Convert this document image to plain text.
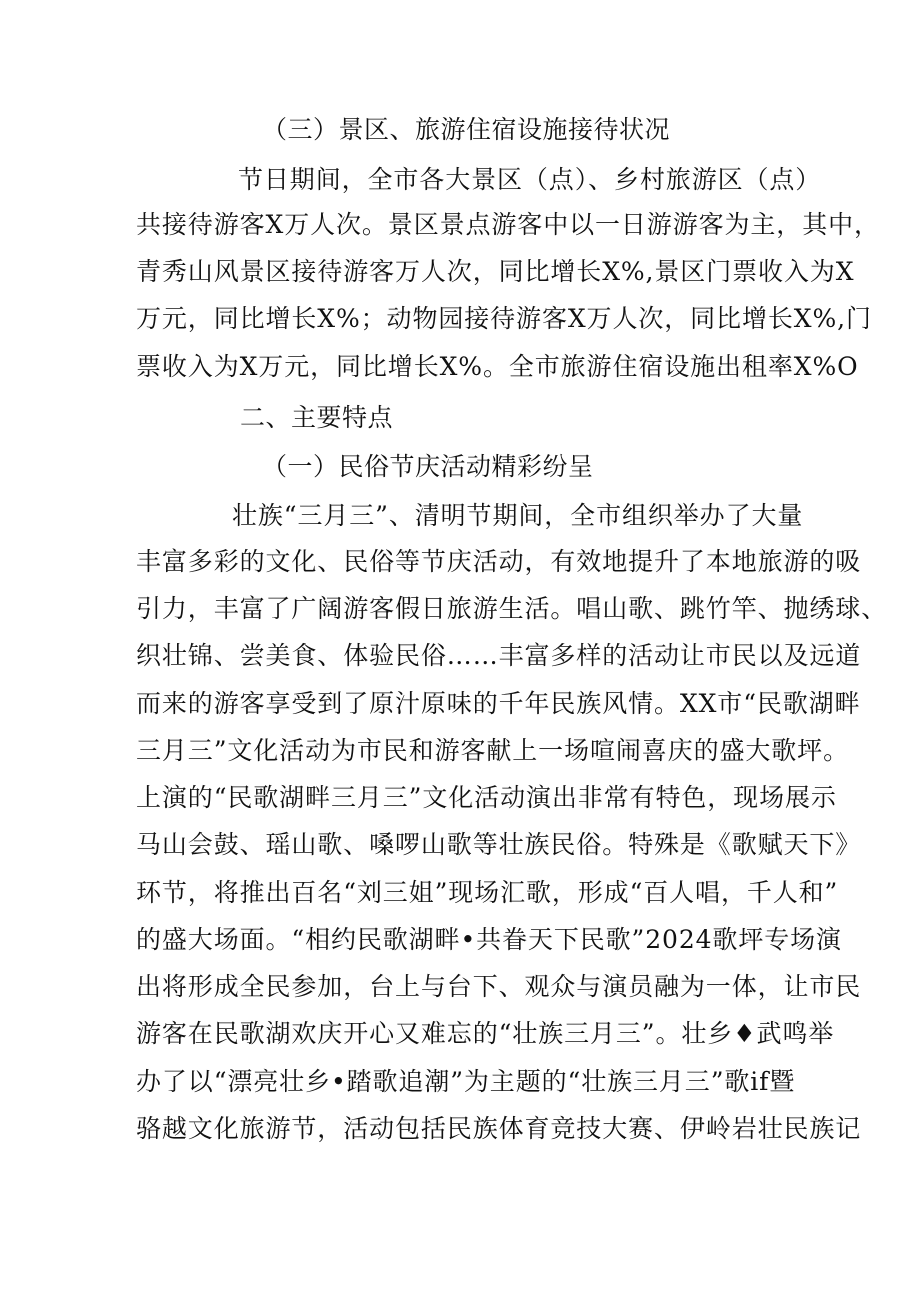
（三）景区、旅游住宿设施接待状况
节日期间，全市各大景区（点）、乡村旅游区（点）
共接待游客X万人次。景区景点游客中以一日游游客为主，其中，
青秀山风景区接待游客万人次，同比增长X%,景区门票收入为X
万元，同比增长X%；动物园接待游客X万人次，同比增长X%,门
票收入为X万元，同比增长X%。全市旅游住宿设施出租率X%O
二、主要特点
（一）民俗节庆活动精彩纷呈
壮族“三月三”、清明节期间，全市组织举办了大量
丰富多彩的文化、民俗等节庆活动，有效地提升了本地旅游的吸
引力，丰富了广阔游客假日旅游生活。唱山歌、跳竹竿、抛绣球、
织壮锦、尝美食、体验民俗……丰富多样的活动让市民以及远道
而来的游客享受到了原汁原味的千年民族风情。XX市“民歌湖畔
三月三”文化活动为市民和游客献上一场喧闹喜庆的盛大歌坪。
上演的“民歌湖畔三月三”文化活动演出非常有特色，现场展示
马山会鼓、瑶山歌、嗓啰山歌等壮族民俗。特殊是《歌赋天下》
环节，将推出百名“刘三姐”现场汇歌，形成“百人唱，千人和”
的盛大场面。“相约民歌湖畔•共眷天下民歌”2024歌坪专场演
出将形成全民参加，台上与台下、观众与演员融为一体，让市民
游客在民歌湖欢庆开心又难忘的“壮族三月三”。壮乡♦武鸣举
办了以“漂亮壮乡•踏歌追潮”为主题的“壮族三月三”歌if暨
骆越文化旅游节，活动包括民族体育竞技大赛、伊岭岩壮民族记
